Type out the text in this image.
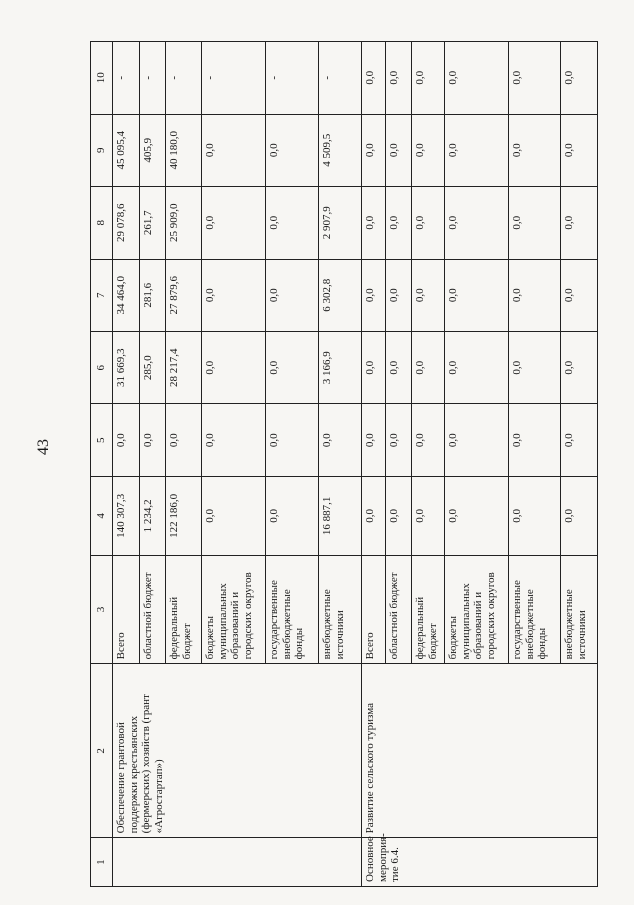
43
1	2	3	4	5	6	7	8	9	10
	Обеспечение грантовой поддержки крестьянских (фермерских) хозяйств (грант «Агростартап»)	Всего	140 307,3	0,0	31 669,3	34 464,0	29 078,6	45 095,4	-
		областной бюджет	1 234,2	0,0	285,0	281,6	261,7	405,9	-
		федеральный бюджет	122 186,0	0,0	28 217,4	27 879,6	25 909,0	40 180,0	-
		бюджеты муниципальных образований и городских округов	0,0	0,0	0,0	0,0	0,0	0,0	-
		государственные внебюджетные фонды	0,0	0,0	0,0	0,0	0,0	0,0	-
		внебюджетные источники	16 887,1	0,0	3 166,9	6 302,8	2 907,9	4 509,5	-
Основное мероприя-тие 6.4.	Развитие сельского туризма	Всего	0,0	0,0	0,0	0,0	0,0	0,0	0,0
		областной бюджет	0,0	0,0	0,0	0,0	0,0	0,0	0,0
		федеральный бюджет	0,0	0,0	0,0	0,0	0,0	0,0	0,0
		бюджеты муниципальных образований и городских округов	0,0	0,0	0,0	0,0	0,0	0,0	0,0
		государственные внебюджетные фонды	0,0	0,0	0,0	0,0	0,0	0,0	0,0
		внебюджетные источники	0,0	0,0	0,0	0,0	0,0	0,0	0,0
